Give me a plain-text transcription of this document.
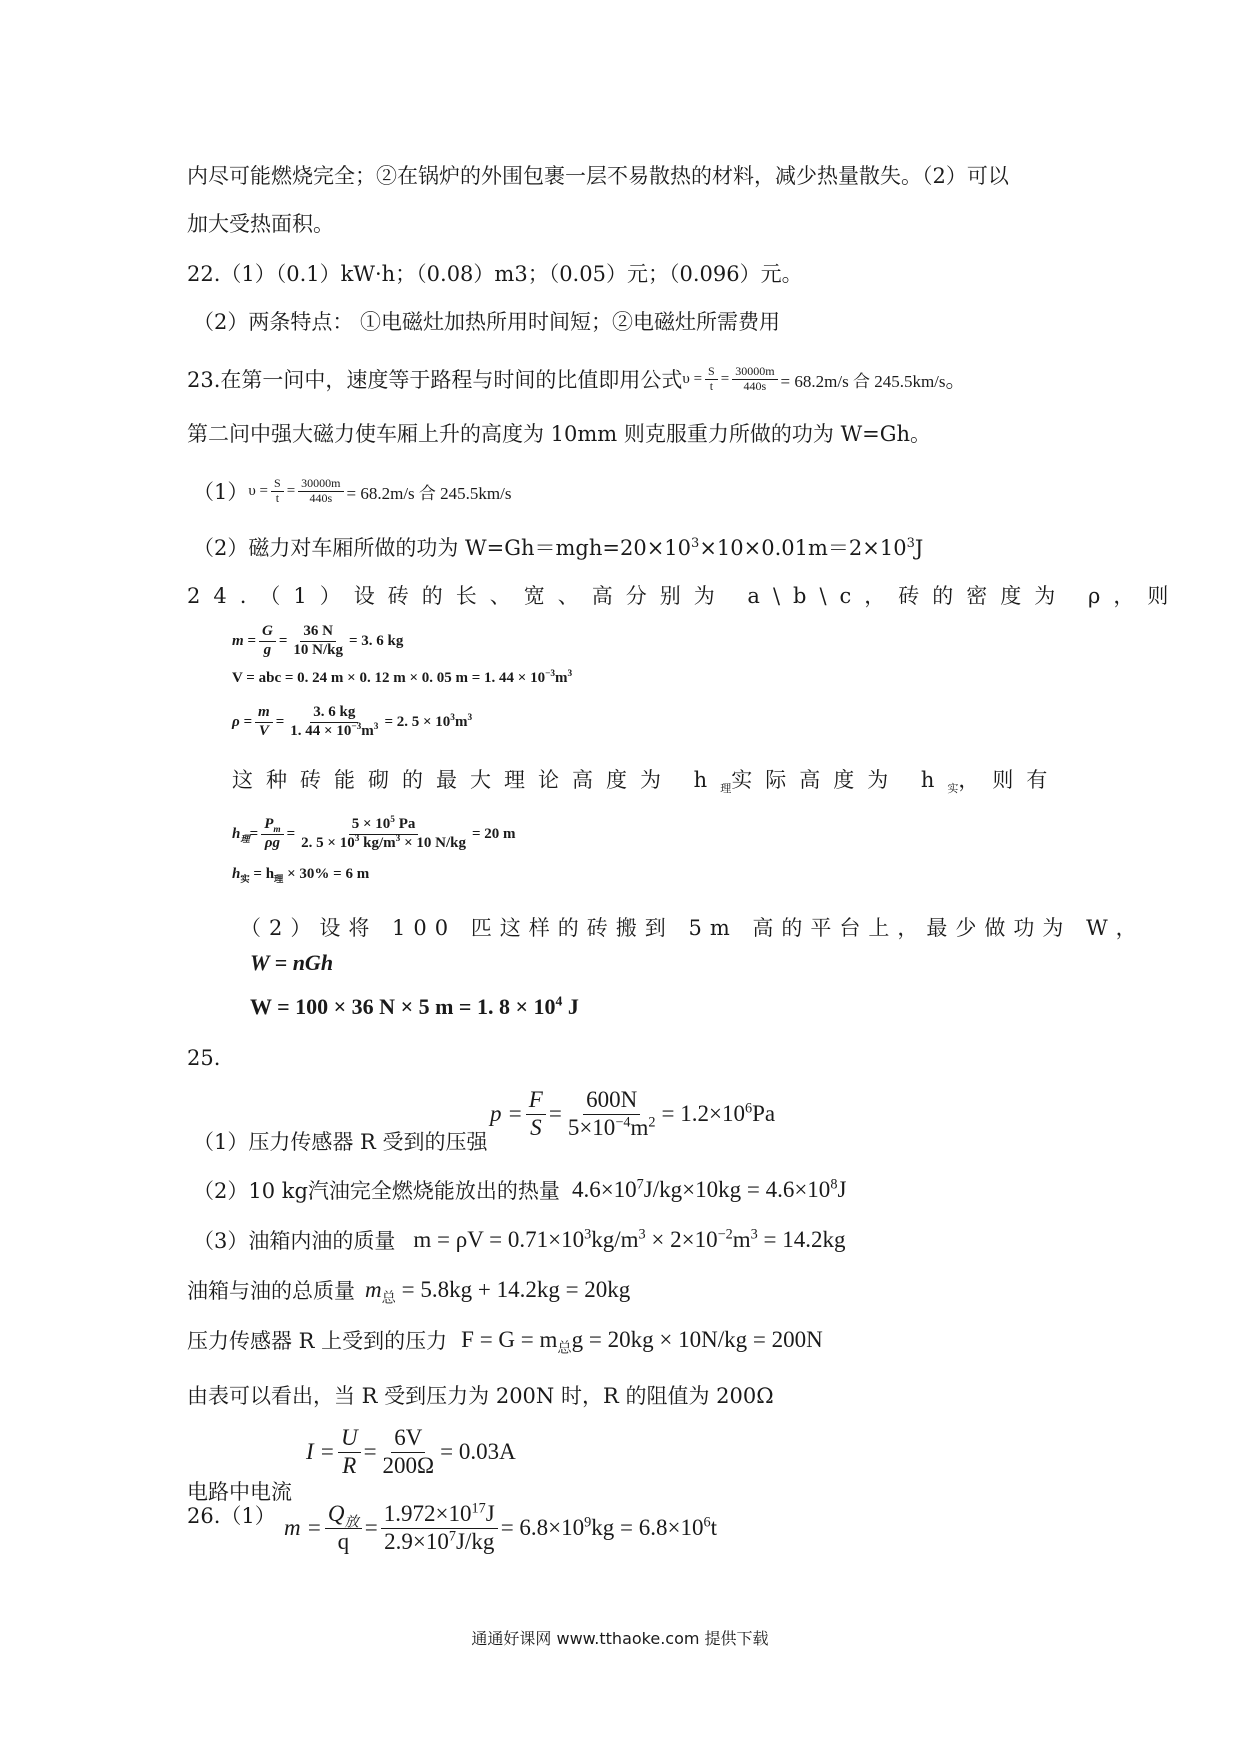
内尽可能燃烧完全；②在锅炉的外围包裹一层不易散热的材料，减少热量散失。（2）可以
加大受热面积。
22.（1）（0.1）kW·h；（0.08）m3；（0.05）元；（0.096）元。
（2）两条特点： ①电磁灶加热所用时间短；②电磁灶所需费用
23.在第一问中，速度等于路程与时间的比值即用公式 $\upsilon = \frac{S}{t} = \frac{30000m}{440s} = 68.2m/s$ 合 245.5km/s 。
第二问中强大磁力使车厢上升的高度为 10mm 则克服重力所做的功为 W=Gh。
（1） $\upsilon = \frac{S}{t} = \frac{30000m}{440s} = 68.2m/s$ 合 245.5km/s
（2）磁力对车厢所做的功为 $W=Gh=mgh=20\times 10^3\times 10\times 0.01m=2\times 10^3J$
24.（1）设砖的长、宽、高分别为 a\b\c，砖的密度为 ρ，则
$m = \frac{G}{g} = \frac{36 N}{10 N/kg} = 3$. 6 kg
V = abc = 0. 24 m × 0. 12 m × 0. 05 m = 1. $44 \times 10^{-3}m^3$
$\rho = \frac{m}{V} = \frac{3. 6 kg}{1. 44 \times 10^{-3}m^3} = 2$. $5 \times 10^3m^3$
这种砖能砌的最大理论高度为 $h_理$实际高度为 $h_实$，则有
$h_理 = \frac{P_m}{\rho g} = \frac{5 \times 10^5 Pa}{2. 5 \times 10^3 kg/m^3 \times 10 N/kg} = 20$ m
$h_实 = h_理 \times 30\% = 6$ m
（2）设将 100 匹这样的砖搬到 5m 高的平台上，最少做功为 W，
W = nGh
W = 100 × 36 N × 5 m = 1. $8 \times 10^4$ J
25.
（1）压力传感器 R 受到的压强
$p = \frac{F}{S} = \frac{600N}{5\times 10^{-4}m^2} = 1.2\times 10^6Pa$
（2）10 kg汽油完全燃烧能放出的热量 $4.6\times 10^7J/kg\times 10kg = 4.6\times 10^8J$
（3）油箱内油的质量 $m = \rho V = 0.71\times 10^3kg/m^3 \times 2\times 10^{-2}m^3 = 14.2kg$
油箱与油的总质量 $m_总 = 5.8kg + 14.2kg = 20kg$
压力传感器 R 上受到的压力 $F = G = m_总g = 20kg \times 10N/kg = 200N$
由表可以看出，当 R 受到压力为 200N 时，R 的阻值为 200Ω
电路中电流
$I = \frac{U}{R} = \frac{6V}{200\Omega} = 0.03A$
26.（1） $m = \frac{Q_放}{q} = \frac{1.972\times 10^{17}J}{2.9\times 10^7J/kg} = 6.8\times 10^9kg = 6.8\times 10^6t$
通通好课网 www.tthaoke.com 提供下载
